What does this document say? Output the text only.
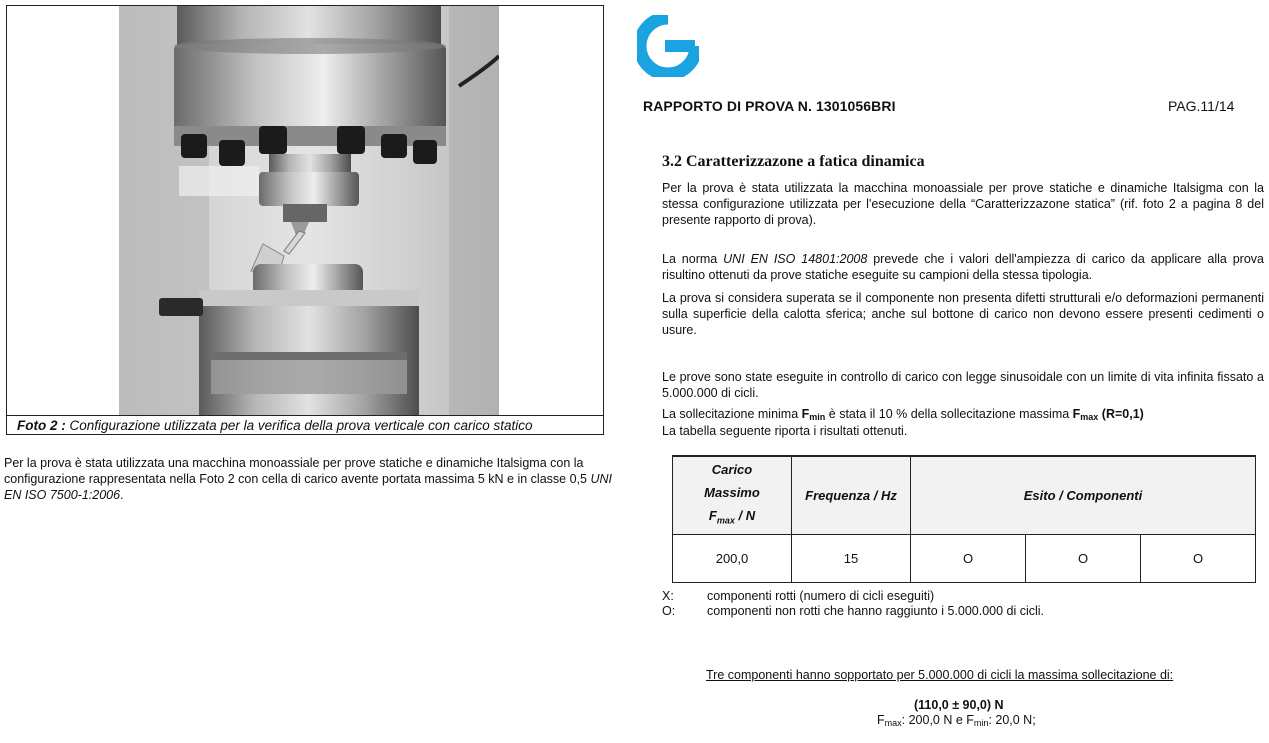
Foto 2 : Configurazione utilizzata per la verifica della prova verticale con carico statico
Per la prova è stata utilizzata una macchina monoassiale per prove statiche e dinamiche Italsigma con la configurazione rappresentata nella Foto 2 con cella di carico avente portata massima 5 kN e in classe 0,5 UNI EN ISO 7500-1:2006.
RAPPORTO DI PROVA N. 1301056BRI	PAG.11/14
3.2 Caratterizzazone a fatica dinamica
Per la prova è stata utilizzata la macchina monoassiale per prove statiche e dinamiche Italsigma con la stessa configurazione utilizzata per l'esecuzione della “Caratterizzazone statica” (rif. foto 2 a pagina 8 del presente rapporto di prova).
La norma UNI EN ISO 14801:2008 prevede che i valori dell'ampiezza di carico da applicare alla prova risultino ottenuti da prove statiche eseguite su campioni della stessa tipologia.
La prova si considera superata se il componente non presenta difetti strutturali e/o deformazioni permanenti sulla superficie della calotta sferica; anche sul bottone di carico non devono essere presenti cedimenti o usure.
Le prove sono state eseguite in controllo di carico con legge sinusoidale con un limite di vita infinita fissato a 5.000.000 di cicli.
La sollecitazione minima $F_{min}$ è stata il 10 % della sollecitazione massima $F_{max}$ (R=0,1)
La tabella seguente riporta i risultati ottenuti.
Carico
Massimo
$F_{max}$ / N	Frequenza / Hz	Esito / Componenti		
200,0	15	O	O	O
X:	componenti rotti (numero di cicli eseguiti)
O:	componenti non rotti che hanno raggiunto i 5.000.000 di cicli.
Tre componenti hanno sopportato per 5.000.000 di cicli la massima sollecitazione di:
(110,0 ± 90,0) N
$F_{max}$: 200,0 N e $F_{min}$: 20,0 N;
